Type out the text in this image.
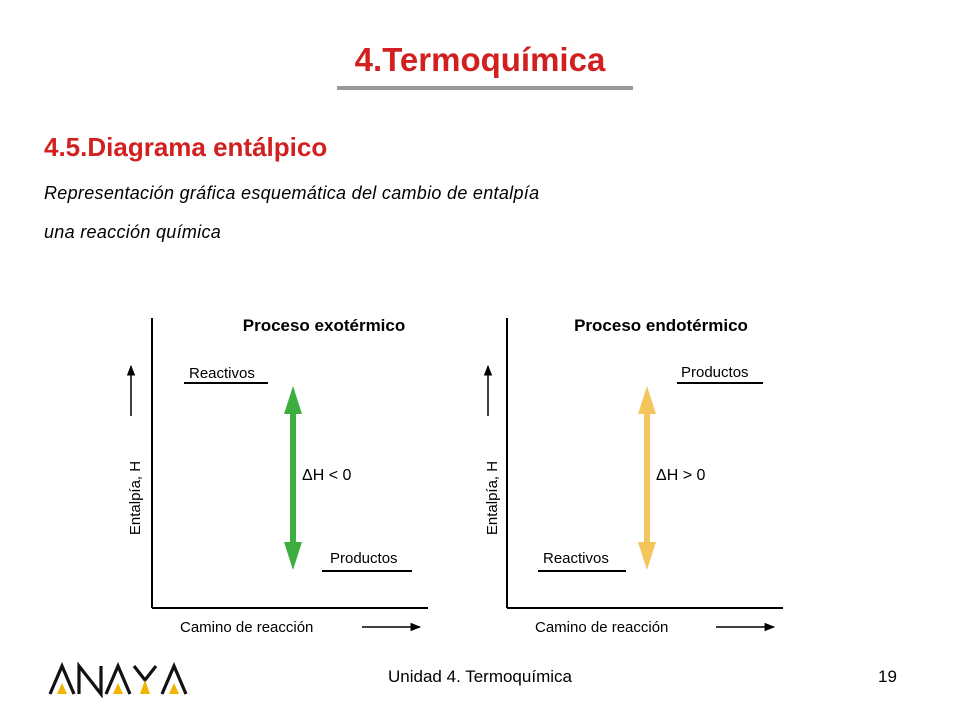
4.Termoquímica
4.5.Diagrama entálpico

Representación gráfica esquemática del cambio de entalpía

una reacción química

Proceso exotérmico
Entalpía, H
Camino de reacción
Reactivos
Productos
ΔH < 0
Proceso endotérmico
Entalpía, H
Camino de reacción
Productos
Reactivos
ΔH > 0
Unidad 4. Termoquímica	19
